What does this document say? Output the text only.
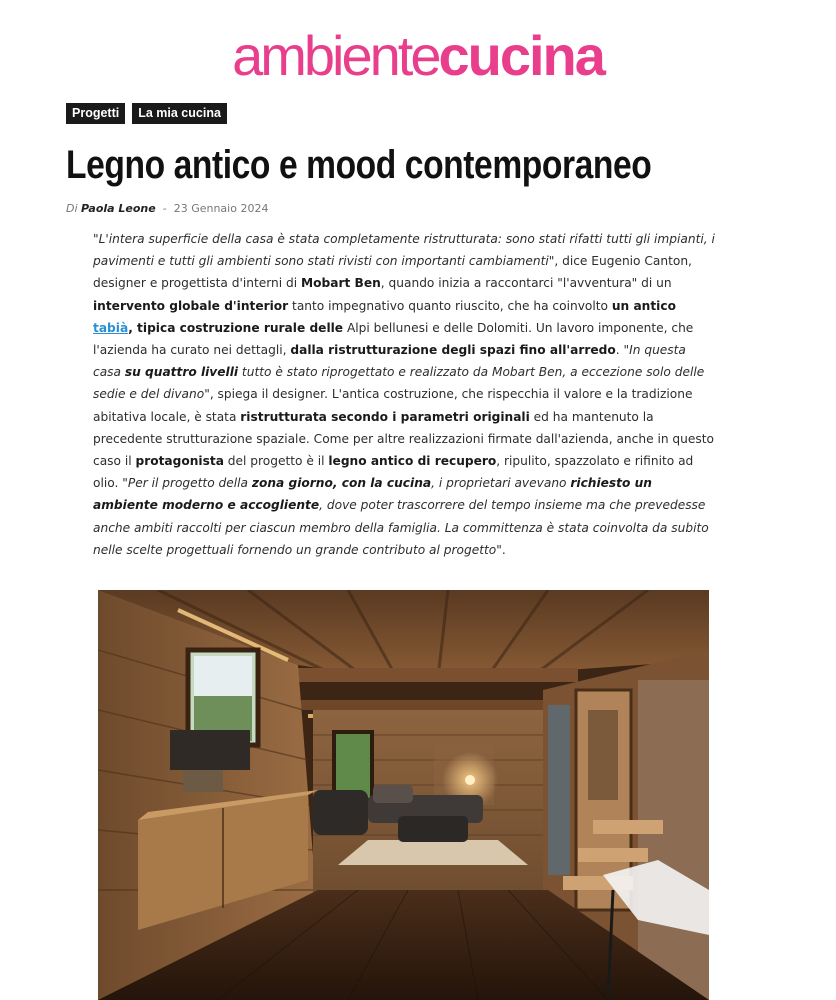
ambientecucina
Progetti	La mia cucina
Legno antico e mood contemporaneo
Di Paola Leone - 23 Gennaio 2024

"L'intera superficie della casa è stata completamente ristrutturata: sono stati rifatti tutti gli impianti, i pavimenti e tutti gli ambienti sono stati rivisti con importanti cambiamenti", dice Eugenio Canton, designer e progettista d'interni di Mobart Ben, quando inizia a raccontarci "l'avventura" di un intervento globale d'interior tanto impegnativo quanto riuscito, che ha coinvolto un antico tabià, tipica costruzione rurale delle Alpi bellunesi e delle Dolomiti. Un lavoro imponente, che l'azienda ha curato nei dettagli, dalla ristrutturazione degli spazi fino all'arredo. "In questa casa su quattro livelli tutto è stato riprogettato e realizzato da Mobart Ben, a eccezione solo delle sedie e del divano", spiega il designer. L'antica costruzione, che rispecchia il valore e la tradizione abitativa locale, è stata ristrutturata secondo i parametri originali ed ha mantenuto la precedente strutturazione spaziale. Come per altre realizzazioni firmate dall'azienda, anche in questo caso il protagonista del progetto è il legno antico di recupero, ripulito, spazzolato e rifinito ad olio. "Per il progetto della zona giorno, con la cucina, i proprietari avevano richiesto un ambiente moderno e accogliente, dove poter trascorrere del tempo insieme ma che prevedesse anche ambiti raccolti per ciascun membro della famiglia. La committenza è stata coinvolta da subito nelle scelte progettuali fornendo un grande contributo al progetto".
